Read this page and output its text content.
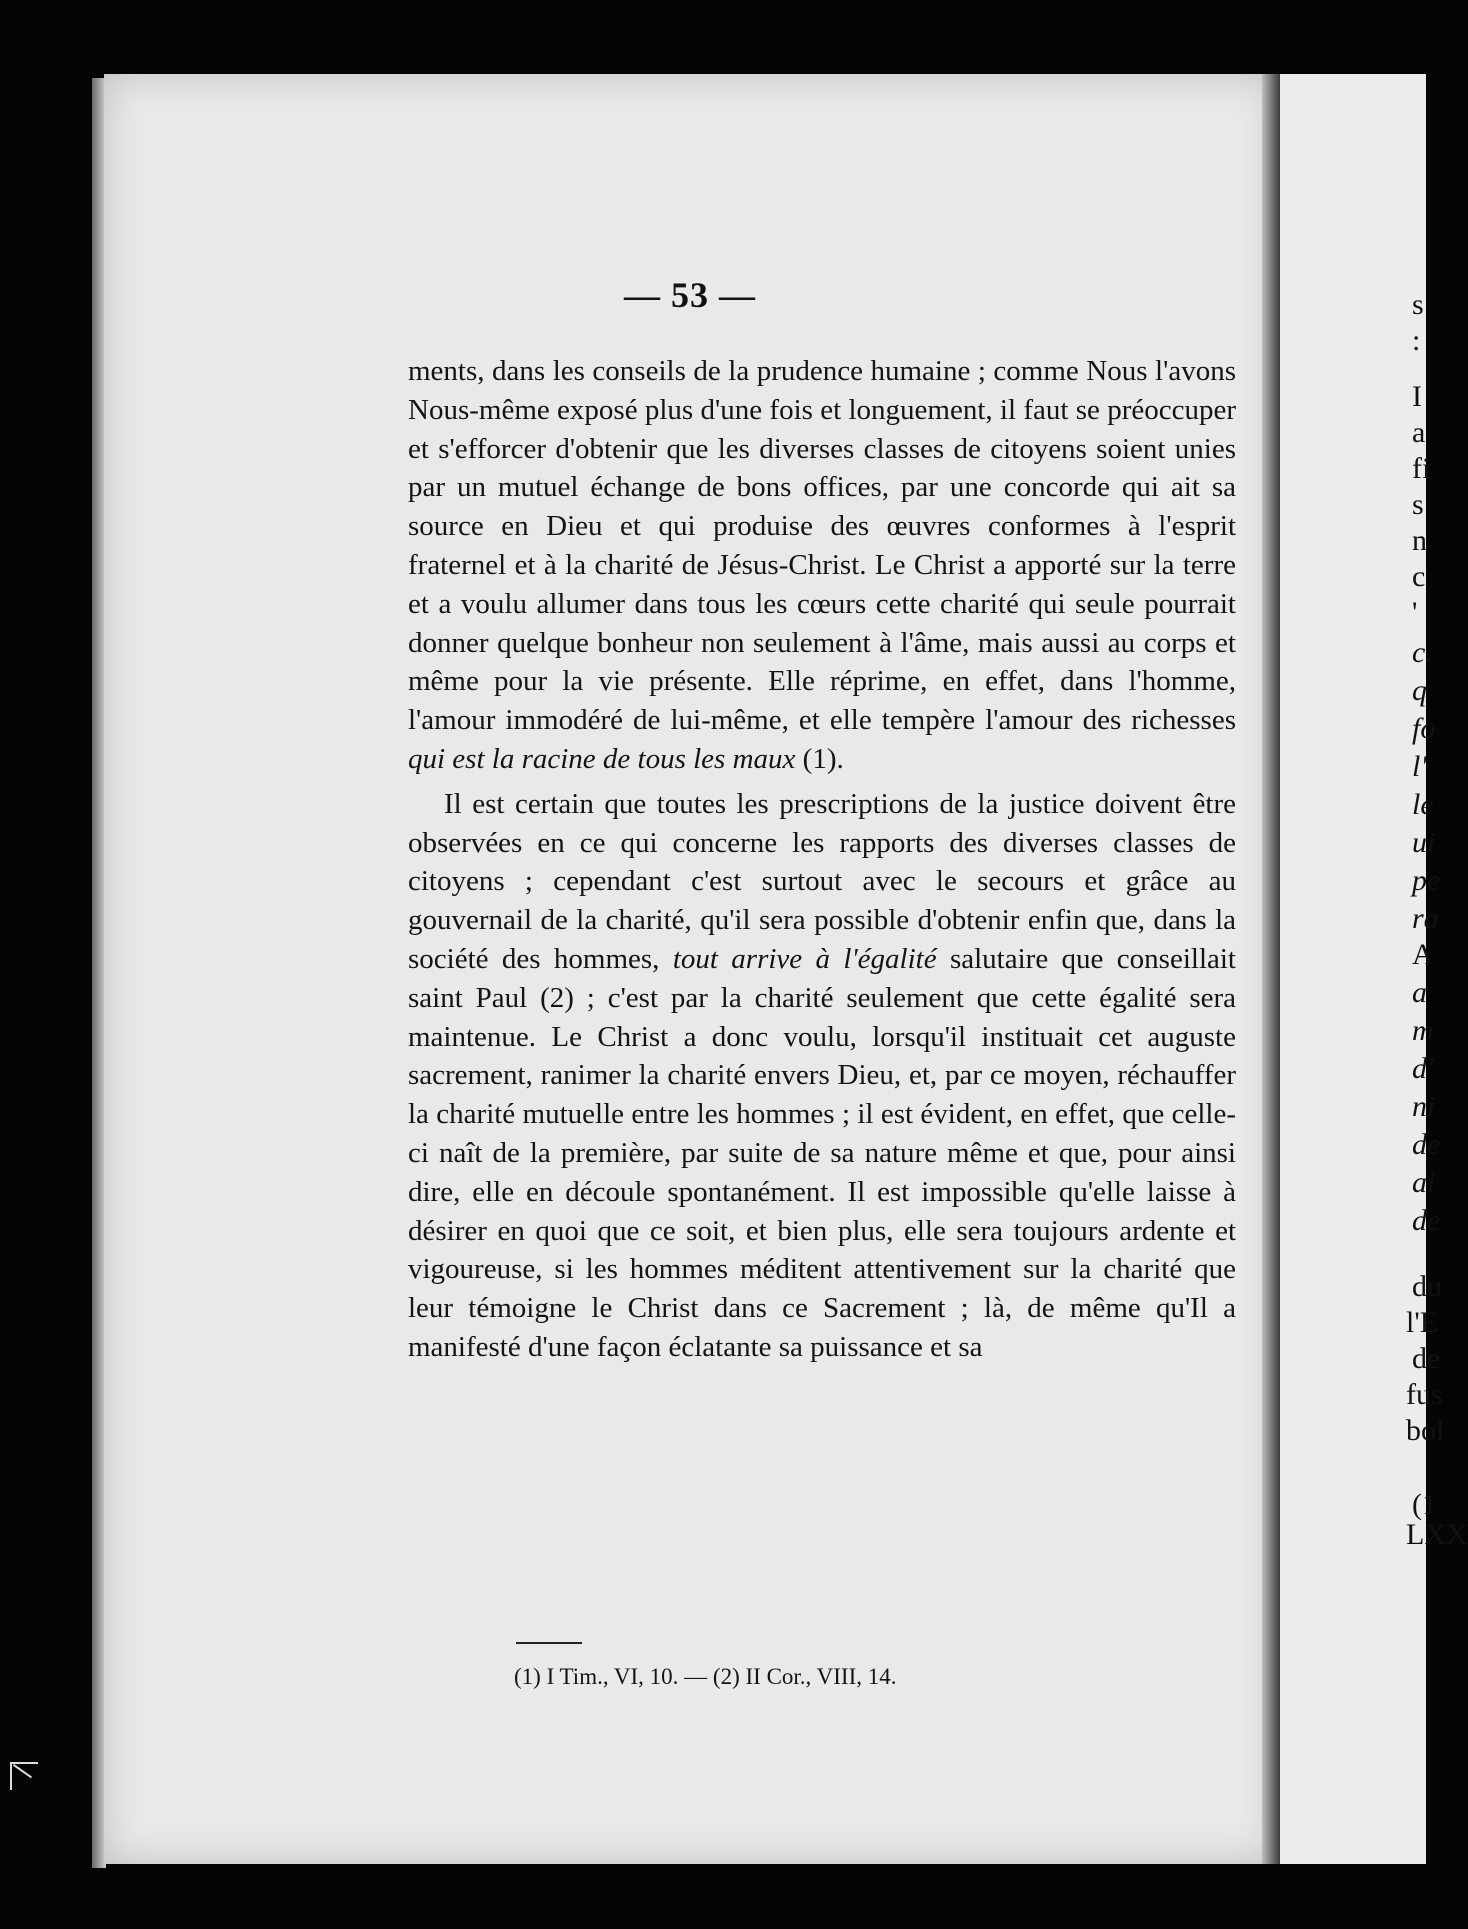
— 53 —

ments, dans les conseils de la prudence humaine ; comme Nous l'avons Nous-même exposé plus d'une fois et longuement, il faut se préoccuper et s'efforcer d'obtenir que les diverses classes de citoyens soient unies par un mutuel échange de bons offices, par une concorde qui ait sa source en Dieu et qui produise des œuvres conformes à l'esprit fraternel et à la charité de Jésus-Christ. Le Christ a apporté sur la terre et a voulu allumer dans tous les cœurs cette charité qui seule pourrait donner quelque bonheur non seulement à l'âme, mais aussi au corps et même pour la vie présente. Elle réprime, en effet, dans l'homme, l'amour immodéré de lui-même, et elle tempère l'amour des richesses qui est la racine de tous les maux (1).

Il est certain que toutes les prescriptions de la justice doivent être observées en ce qui concerne les rapports des diverses classes de citoyens ; cependant c'est surtout avec le secours et grâce au gouvernail de la charité, qu'il sera possible d'obtenir enfin que, dans la société des hommes, tout arrive à l'égalité salutaire que conseillait saint Paul (2) ; c'est par la charité seulement que cette égalité sera maintenue. Le Christ a donc voulu, lorsqu'il instituait cet auguste sacrement, ranimer la charité envers Dieu, et, par ce moyen, réchauffer la charité mutuelle entre les hommes ; il est évident, en effet, que celle-ci naît de la première, par suite de sa nature même et que, pour ainsi dire, elle en découle spontanément. Il est impossible qu'elle laisse à désirer en quoi que ce soit, et bien plus, elle sera toujours ardente et vigoureuse, si les hommes méditent attentivement sur la charité que leur témoigne le Christ dans ce Sacrement ; là, de même qu'Il a manifesté d'une façon éclatante sa puissance et sa

(1) I Tim., VI, 10. — (2) II Cor., VIII, 14.
s
:
I
a
fi
s
n
c
'
c.
q
fo
l'
le
ui
pe
ra
A
a
m
d'
ni
de
ai
de
du
l'E
de
fus
bol
(1
LXX
